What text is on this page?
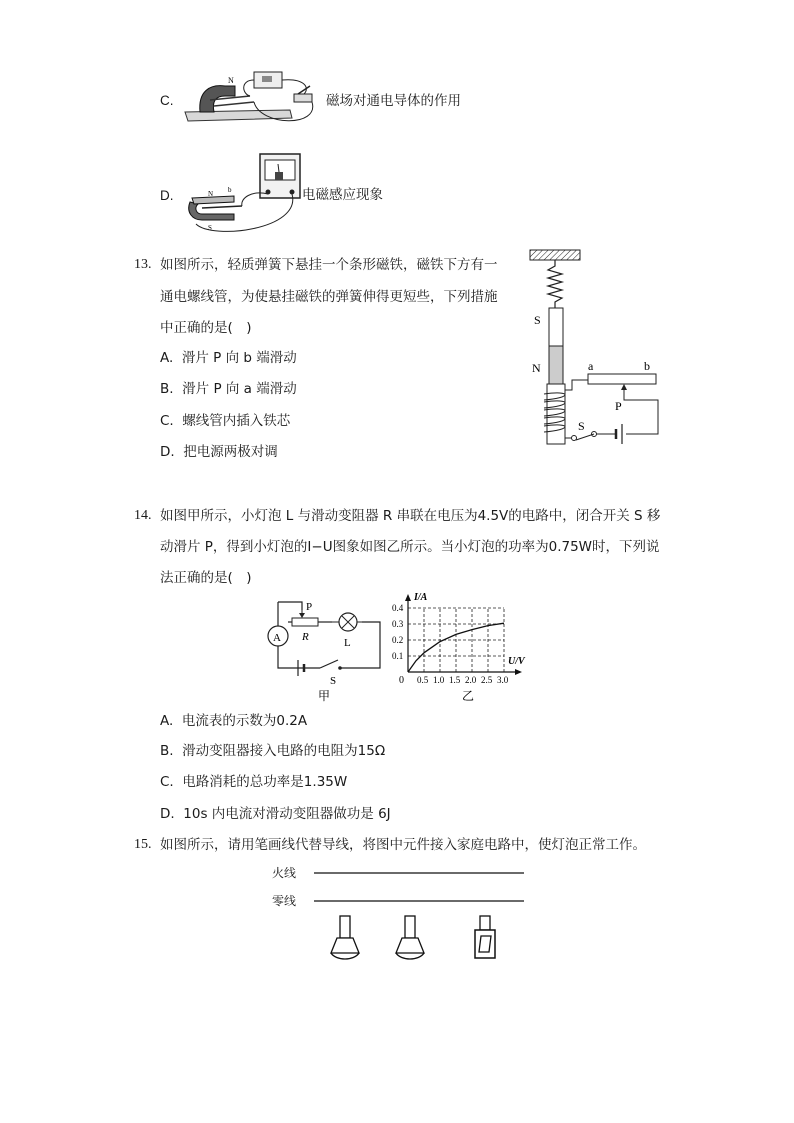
C.
N
磁场对通电导体的作用
D.	N
S
b	电磁感应现象
13. 如图所示，轻质弹簧下悬挂一个条形磁铁，磁铁下方有一
通电螺线管，为使悬挂磁铁的弹簧伸得更短些，下列措施
中正确的是(　)
A. 滑片 P 向 b 端滑动
B. 滑片 P 向 a 端滑动
C. 螺线管内插入铁芯
D. 把电源两极对调
S
N	a	b
P
S
14. 如图甲所示，小灯泡 L 与滑动变阻器 R 串联在电压为4.5V的电路中，闭合开关 S 移
动滑片 P，得到小灯泡的I−U图象如图乙所示。当小灯泡的功率为0.75W时，下列说
法正确的是(　)
A
P
R	L
S
甲
0.5 1.0 1.5 2.0 2.5 3.0
0.1
0.2
0.3
0.4
I/A
U/V
0
乙
A. 电流表的示数为0.2A
B. 滑动变阻器接入电路的电阻为15Ω
C. 电路消耗的总功率是1.35W
D. 10s 内电流对滑动变阻器做功是 6J
15. 如图所示，请用笔画线代替导线，将图中元件接入家庭电路中，使灯泡正常工作。
火线
零线
